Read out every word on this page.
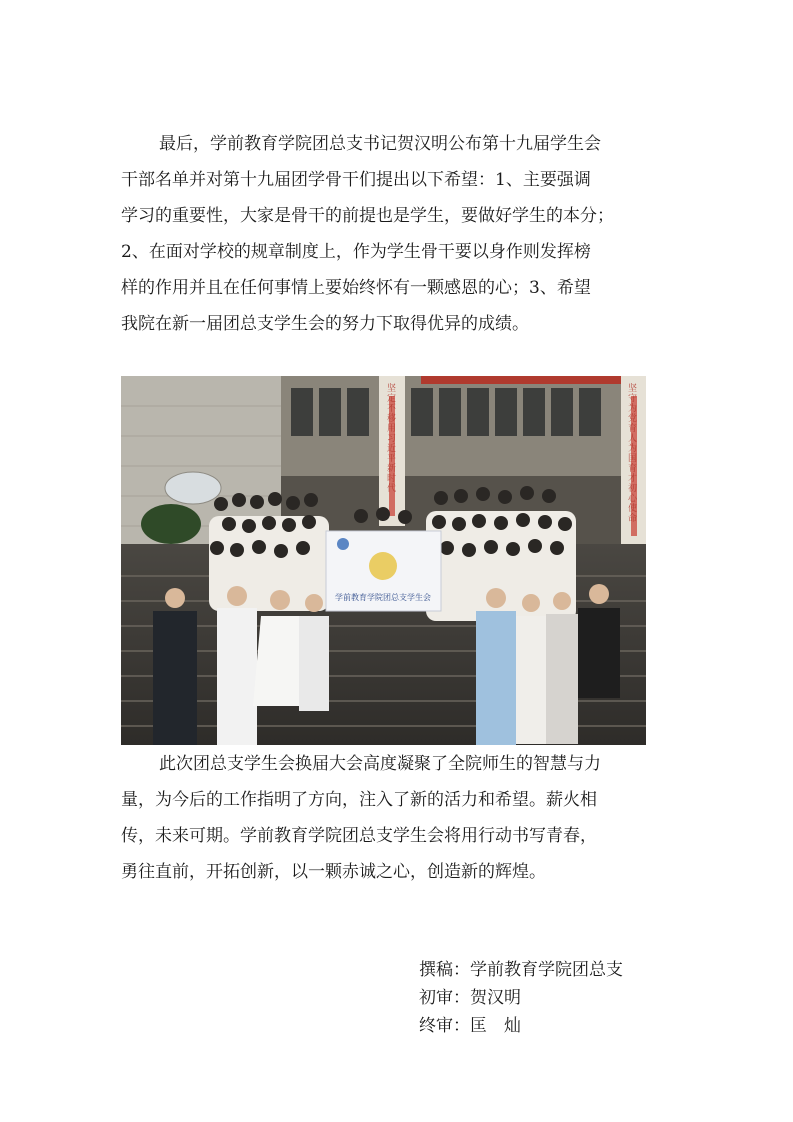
最后，学前教育学院团总支书记贺汉明公布第十九届学生会
干部名单并对第十九届团学骨干们提出以下希望：1、主要强调
学习的重要性，大家是骨干的前提也是学生，要做好学生的本分；
2、在面对学校的规章制度上，作为学生骨干要以身作则发挥榜
样的作用并且在任何事情上要始终怀有一颗感恩的心；3、希望
我院在新一届团总支学生会的努力下取得优异的成绩。
学前教育学院团总支学生会
此次团总支学生会换届大会高度凝聚了全院师生的智慧与力
量，为今后的工作指明了方向，注入了新的活力和希望。薪火相
传，未来可期。学前教育学院团总支学生会将用行动书写青春，
勇往直前，开拓创新，以一颗赤诚之心，创造新的辉煌。
撰稿：学前教育学院团总支
初审：贺汉明
终审：匡　灿
坚定不移用习近平新时代
坚守为党育人为国育才初心使命
